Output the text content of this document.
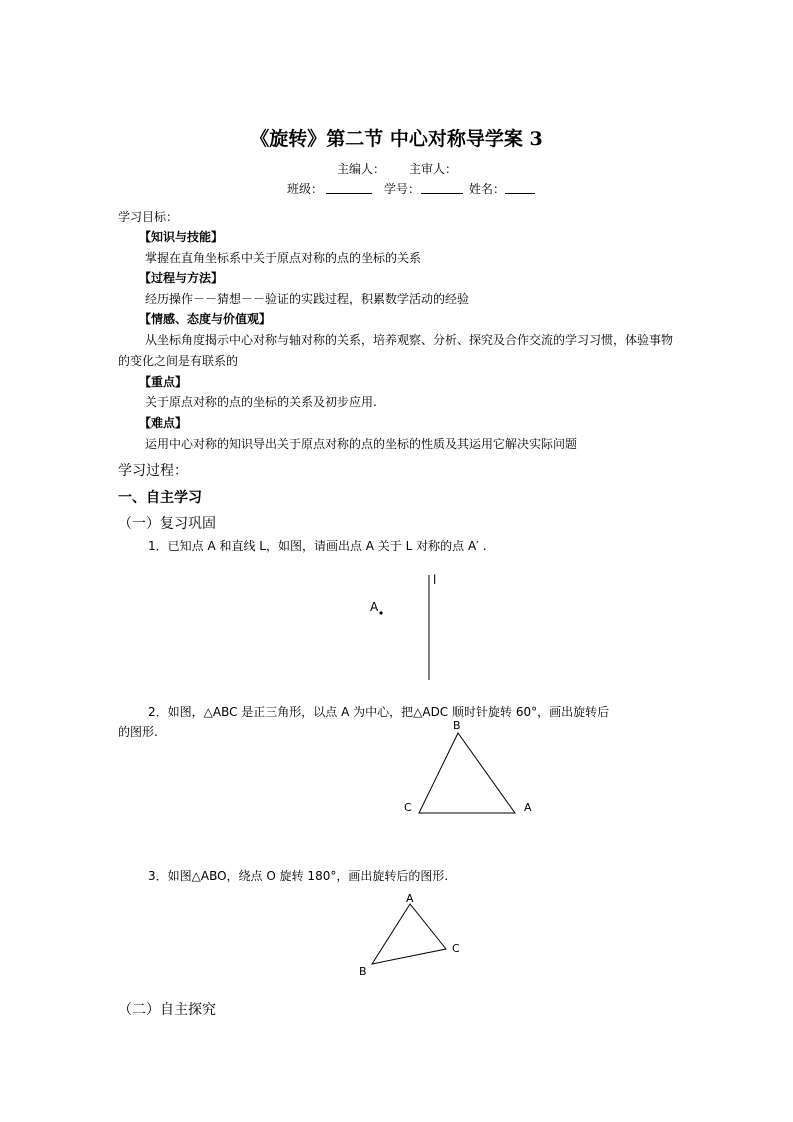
《旋转》第二节 中心对称导学案 3
主编人： 主审人：
班级：	学号：	姓名：
学习目标：
【知识与技能】
掌握在直角坐标系中关于原点对称的点的坐标的关系
【过程与方法】
经历操作－－猜想－－验证的实践过程，积累数学活动的经验
【情感、态度与价值观】
从坐标角度揭示中心对称与轴对称的关系，培养观察、分析、探究及合作交流的学习习惯，体验事物
的变化之间是有联系的
【重点】
关于原点对称的点的坐标的关系及初步应用.
【难点】
运用中心对称的知识导出关于原点对称的点的坐标的性质及其运用它解决实际问题
学习过程：
一、自主学习
（一）复习巩固
1．已知点 A 和直线 L，如图，请画出点 A 关于 L 对称的点 A′ .
l
A
2．如图，△ABC 是正三角形，以点 A 为中心，把△ADC 顺时针旋转 60°，画出旋转后
的图形.	B
C	A
3．如图△ABO，绕点 O 旋转 180°，画出旋转后的图形.
A
C
B
（二）自主探究
